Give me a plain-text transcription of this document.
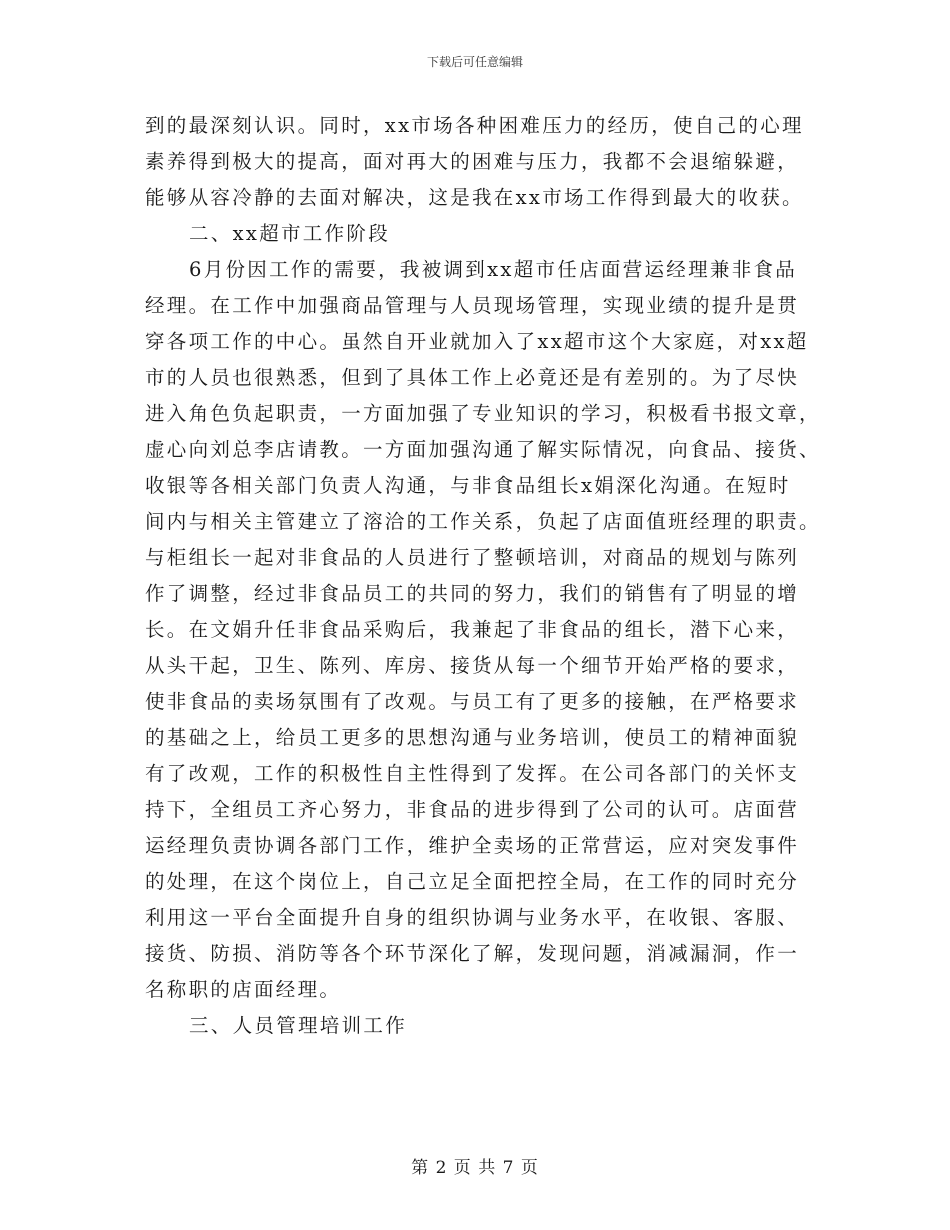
下载后可任意编辑
到的最深刻认识。同时，xx市场各种困难压力的经历，使自己的心理
素养得到极大的提高，面对再大的困难与压力，我都不会退缩躲避，
能够从容冷静的去面对解决，这是我在xx市场工作得到最大的收获。
二、xx超市工作阶段
6月份因工作的需要，我被调到xx超市任店面营运经理兼非食品
经理。在工作中加强商品管理与人员现场管理，实现业绩的提升是贯
穿各项工作的中心。虽然自开业就加入了xx超市这个大家庭，对xx超
市的人员也很熟悉，但到了具体工作上必竟还是有差别的。为了尽快
进入角色负起职责，一方面加强了专业知识的学习，积极看书报文章，
虚心向刘总李店请教。一方面加强沟通了解实际情况，向食品、接货、
收银等各相关部门负责人沟通，与非食品组长x娟深化沟通。在短时
间内与相关主管建立了溶洽的工作关系，负起了店面值班经理的职责。
与柜组长一起对非食品的人员进行了整顿培训，对商品的规划与陈列
作了调整，经过非食品员工的共同的努力，我们的销售有了明显的增
长。在文娟升任非食品采购后，我兼起了非食品的组长，潜下心来，
从头干起，卫生、陈列、库房、接货从每一个细节开始严格的要求，
使非食品的卖场氛围有了改观。与员工有了更多的接触，在严格要求
的基础之上，给员工更多的思想沟通与业务培训，使员工的精神面貌
有了改观，工作的积极性自主性得到了发挥。在公司各部门的关怀支
持下，全组员工齐心努力，非食品的进步得到了公司的认可。店面营
运经理负责协调各部门工作，维护全卖场的正常营运，应对突发事件
的处理，在这个岗位上，自己立足全面把控全局，在工作的同时充分
利用这一平台全面提升自身的组织协调与业务水平，在收银、客服、
接货、防损、消防等各个环节深化了解，发现问题，消减漏洞，作一
名称职的店面经理。
三、人员管理培训工作
第 2 页 共 7 页
